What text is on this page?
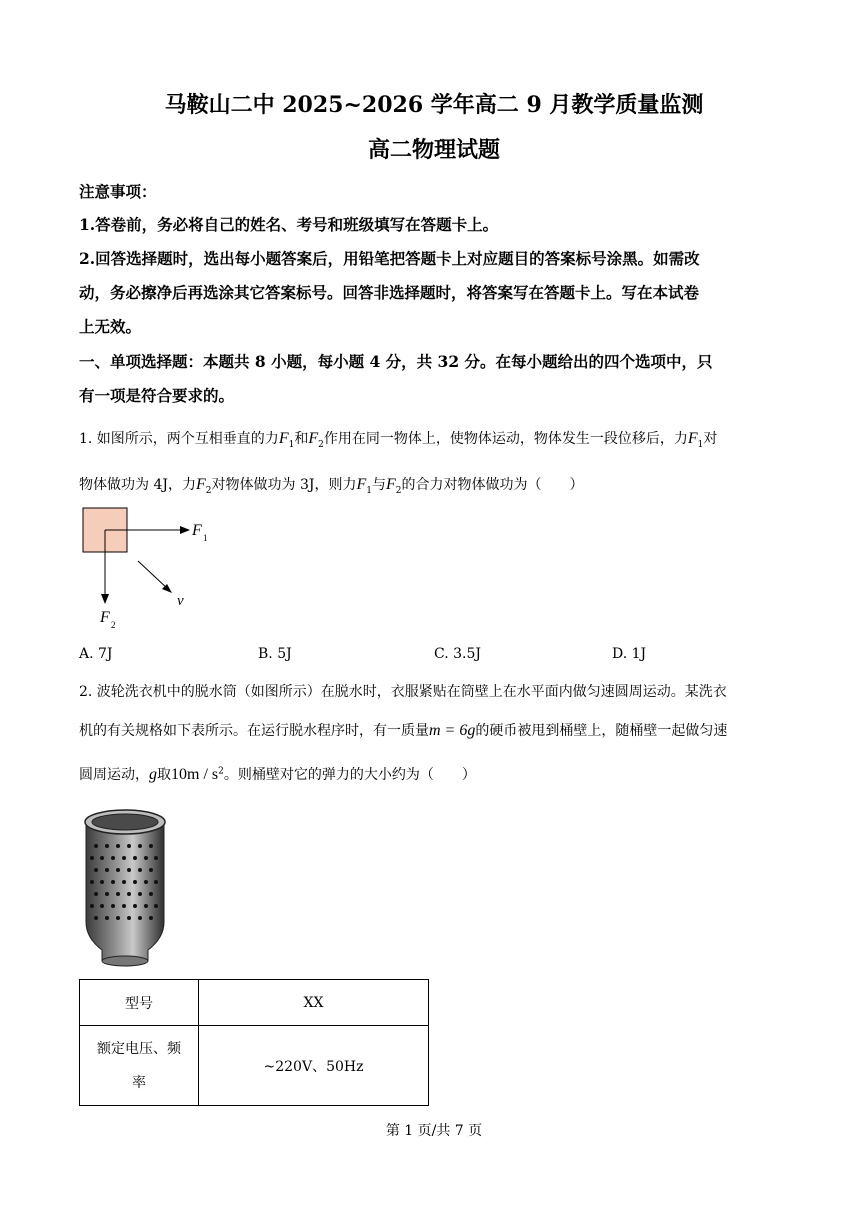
马鞍山二中 2025~2026 学年高二 9 月教学质量监测
高二物理试题
注意事项：
1.答卷前，务必将自己的姓名、考号和班级填写在答题卡上。
2.回答选择题时，选出每小题答案后，用铅笔把答题卡上对应题目的答案标号涂黑。如需改
动，务必擦净后再选涂其它答案标号。回答非选择题时，将答案写在答题卡上。写在本试卷
上无效。
一、单项选择题：本题共 8 小题，每小题 4 分，共 32 分。在每小题给出的四个选项中，只
有一项是符合要求的。
1. 如图所示，两个互相垂直的力$F_1$和$F_2$作用在同一物体上，使物体运动，物体发生一段位移后，力$F_1$对
物体做功为 4J，力$F_2$对物体做功为 3J，则力$F_1$与$F_2$的合力对物体做功为（　　）
F 1
v
F 2
A. 7J	B. 5J	C. 3.5J	D. 1J
2. 波轮洗衣机中的脱水筒（如图所示）在脱水时，衣服紧贴在筒壁上在水平面内做匀速圆周运动。某洗衣
机的有关规格如下表所示。在运行脱水程序时，有一质量m = 6g的硬币被甩到桶壁上，随桶壁一起做匀速
圆周运动，g取$10m / s^2$。则桶壁对它的弹力的大小约为（　　）
型号	XX
额定电压、频
率	~220V、50Hz
第 1 页/共 7 页
